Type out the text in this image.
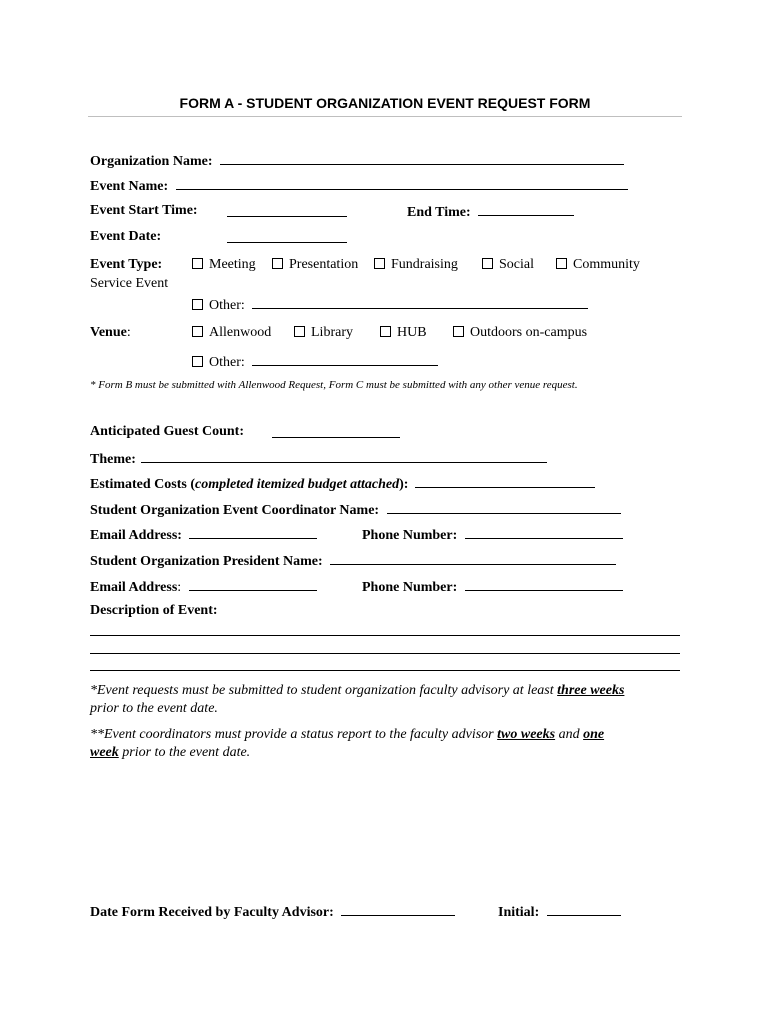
FORM A - STUDENT ORGANIZATION EVENT REQUEST FORM
Organization Name:
Event Name:
Event Start Time:	End Time:
Event Date:
Event Type:
Service Event
Meeting	Presentation	Fundraising	Social	Community
Other:
Venue:	Allenwood	Library	HUB	Outdoors on-campus
Other:
* Form B must be submitted with Allenwood Request, Form C must be submitted with any other venue request.
Anticipated Guest Count:
Theme:
Estimated Costs (completed itemized budget attached):
Student Organization Event Coordinator Name:
Email Address:	Phone Number:
Student Organization President Name:
Email Address:	Phone Number:
Description of Event:
*Event requests must be submitted to student organization faculty advisory at least three weeks
prior to the event date.
**Event coordinators must provide a status report to the faculty advisor two weeks and one
week prior to the event date.
Date Form Received by Faculty Advisor:	Initial:
